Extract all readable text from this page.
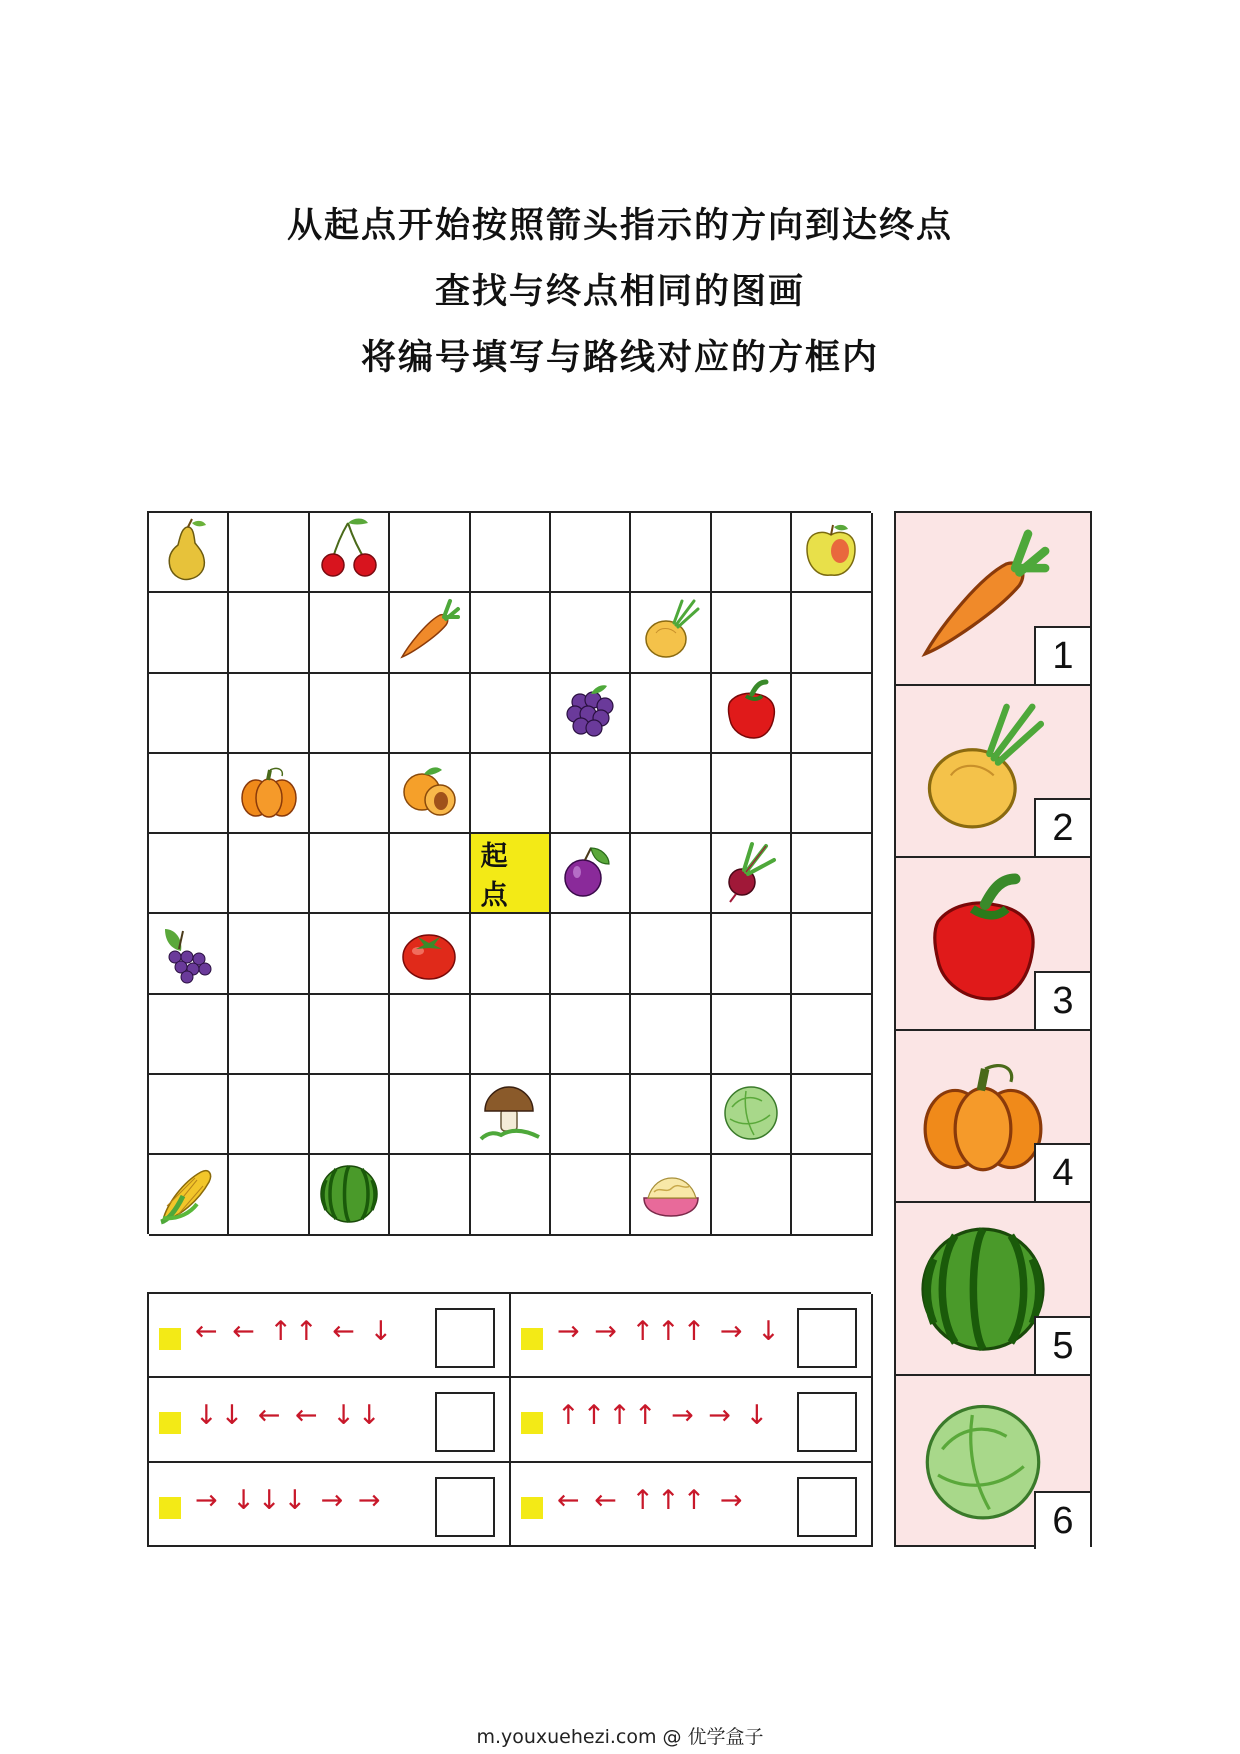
从起点开始按照箭头指示的方向到达终点
查找与终点相同的图画
将编号填写与路线对应的方框内
起 点
1
2
3
4
5
6
← ← ↑↑ ← ↓	→ → ↑↑↑ → ↓
↓↓ ← ← ↓↓	↑↑↑↑ → → ↓
→ ↓↓↓ → →	← ← ↑↑↑ →
m.youxuehezi.com @ 优学盒子
